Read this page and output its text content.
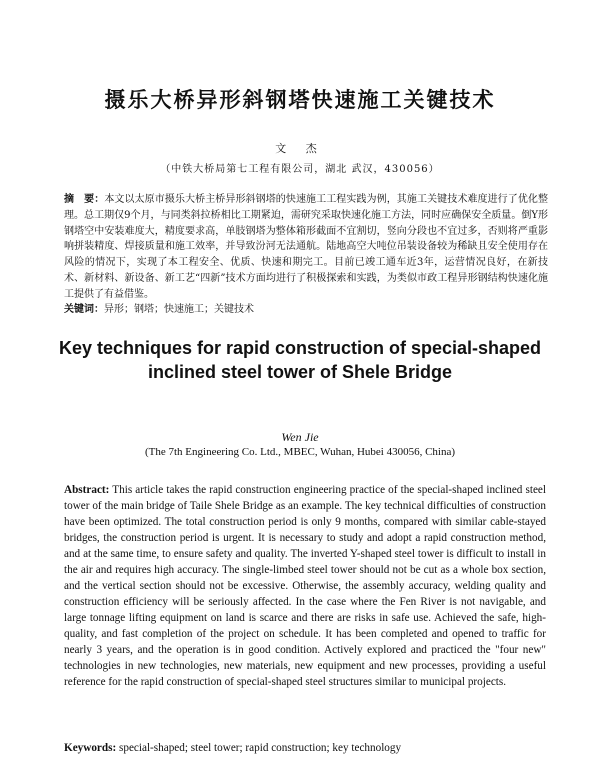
摄乐大桥异形斜钢塔快速施工关键技术
文 杰
（中铁大桥局第七工程有限公司，湖北 武汉，430056）
摘　要：本文以太原市摄乐大桥主桥异形斜钢塔的快速施工工程实践为例，其施工关键技术难度进行了优化整理。总工期仅9个月，与同类斜拉桥相比工期紧迫，需研究采取快速化施工方法，同时应确保安全质量。倒Y形钢塔空中安装难度大，精度要求高，单肢钢塔为整体箱形截面不宜割切，竖向分段也不宜过多，否则将严重影响拼装精度、焊接质量和施工效率，并导致汾河无法通航。陆地高空大吨位吊装设备较为稀缺且安全使用存在风险的情况下，实现了本工程安全、优质、快速和期完工。目前已竣工通车近3年，运营情况良好，在新技术、新材料、新设备、新工艺“四新”技术方面均进行了积极探索和实践，为类似市政工程异形钢结构快速化施工提供了有益借鉴。
关键词：异形；钢塔；快速施工；关键技术
Key techniques for rapid construction of special-shaped
inclined steel tower of Shele Bridge
Wen Jie
(The 7th Engineering Co. Ltd., MBEC, Wuhan, Hubei 430056, China)
Abstract: This article takes the rapid construction engineering practice of the special-shaped inclined steel tower of the main bridge of Taile Shele Bridge as an example. The key technical difficulties of construction have been optimized. The total construction period is only 9 months, compared with similar cable-stayed bridges, the construction period is urgent. It is necessary to study and adopt a rapid construction method, and at the same time, to ensure safety and quality. The inverted Y-shaped steel tower is difficult to install in the air and requires high accuracy. The single-limbed steel tower should not be cut as a whole box section, and the vertical section should not be excessive. Otherwise, the assembly accuracy, welding quality and construction efficiency will be seriously affected. In the case where the Fen River is not navigable, and large tonnage lifting equipment on land is scarce and there are risks in safe use. Achieved the safe, high-quality, and fast completion of the project on schedule. It has been completed and opened to traffic for nearly 3 years, and the operation is in good condition. Actively explored and practiced the "four new" technologies in new technologies, new materials, new equipment and new processes, providing a useful reference for the rapid construction of special-shaped steel structures similar to municipal projects.
Keywords: special-shaped; steel tower; rapid construction; key technology
